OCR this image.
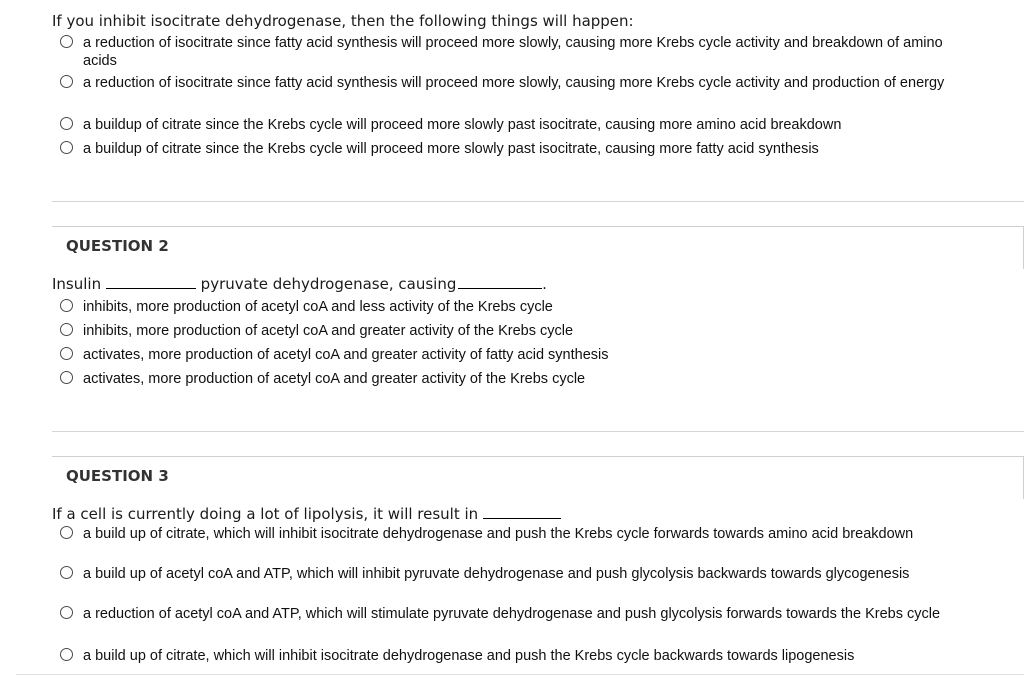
If you inhibit isocitrate dehydrogenase, then the following things will happen:
a reduction of isocitrate since fatty acid synthesis will proceed more slowly, causing more Krebs cycle activity and breakdown of amino acids
a reduction of isocitrate since fatty acid synthesis will proceed more slowly, causing more Krebs cycle activity and production of energy
a buildup of citrate since the Krebs cycle will proceed more slowly past isocitrate, causing more amino acid breakdown
a buildup of citrate since the Krebs cycle will proceed more slowly past isocitrate, causing more fatty acid synthesis
QUESTION 2
Insulin	pyruvate dehydrogenase, causing	.
inhibits, more production of acetyl coA and less activity of the Krebs cycle
inhibits, more production of acetyl coA and greater activity of the Krebs cycle
activates, more production of acetyl coA and greater activity of fatty acid synthesis
activates, more production of acetyl coA and greater activity of the Krebs cycle
QUESTION 3
If a cell is currently doing a lot of lipolysis, it will result in
a build up of citrate, which will inhibit isocitrate dehydrogenase and push the Krebs cycle forwards towards amino acid breakdown
a build up of acetyl coA and ATP, which will inhibit pyruvate dehydrogenase and push glycolysis backwards towards glycogenesis
a reduction of acetyl coA and ATP, which will stimulate pyruvate dehydrogenase and push glycolysis forwards towards the Krebs cycle
a build up of citrate, which will inhibit isocitrate dehydrogenase and push the Krebs cycle backwards towards lipogenesis
